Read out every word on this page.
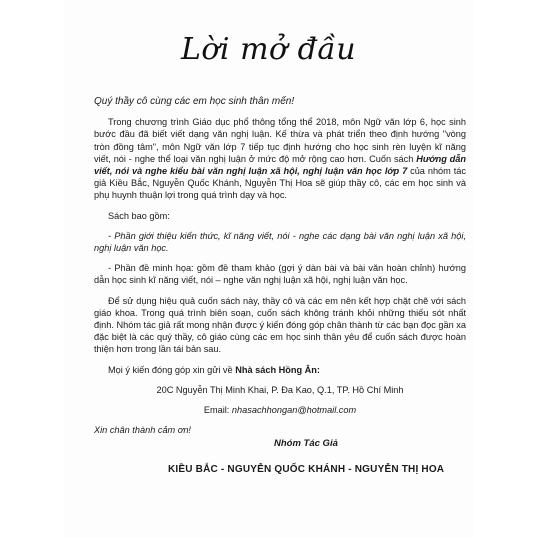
Lời mở đầu

Quý thầy cô cùng các em học sinh thân mến!

Trong chương trình Giáo dục phổ thông tổng thể 2018, môn Ngữ văn lớp 6, học sinh bước đầu đã biết viết dạng văn nghị luận. Kế thừa và phát triển theo định hướng "vòng tròn đồng tâm", môn Ngữ văn lớp 7 tiếp tục định hướng cho học sinh rèn luyện kĩ năng viết, nói - nghe thể loại văn nghị luận ở mức độ mở rộng cao hơn. Cuốn sách Hướng dẫn viết, nói và nghe kiểu bài văn nghị luận xã hội, nghị luận văn học lớp 7 của nhóm tác giả Kiều Bắc, Nguyễn Quốc Khánh, Nguyễn Thị Hoa sẽ giúp thầy cô, các em học sinh và phụ huynh thuận lợi trong quá trình dạy và học.

Sách bao gồm:

- Phần giới thiệu kiến thức, kĩ năng viết, nói - nghe các dạng bài văn nghị luận xã hội, nghị luận văn học.

- Phần đề minh họa: gồm đề tham khảo (gợi ý dàn bài và bài văn hoàn chỉnh) hướng dẫn học sinh kĩ năng viết, nói – nghe văn nghị luận xã hội, nghị luận văn học.

Để sử dụng hiệu quả cuốn sách này, thầy cô và các em nên kết hợp chặt chẽ với sách giáo khoa. Trong quá trình biên soạn, cuốn sách không tránh khỏi những thiếu sót nhất định. Nhóm tác giả rất mong nhận được ý kiến đóng góp chân thành từ các bạn đọc gần xa đặc biệt là các quý thầy, cô giáo cùng các em học sinh thân yêu để cuốn sách được hoàn thiện hơn trong lần tái bản sau.

Mọi ý kiến đóng góp xin gửi về Nhà sách Hồng Ân:

20C Nguyễn Thị Minh Khai, P. Đa Kao, Q.1, TP. Hồ Chí Minh

Email: nhasachhongan@hotmail.com

Xin chân thành cảm ơn!

Nhóm Tác Giả
KIỀU BẮC - NGUYỄN QUỐC KHÁNH - NGUYỄN THỊ HOA
